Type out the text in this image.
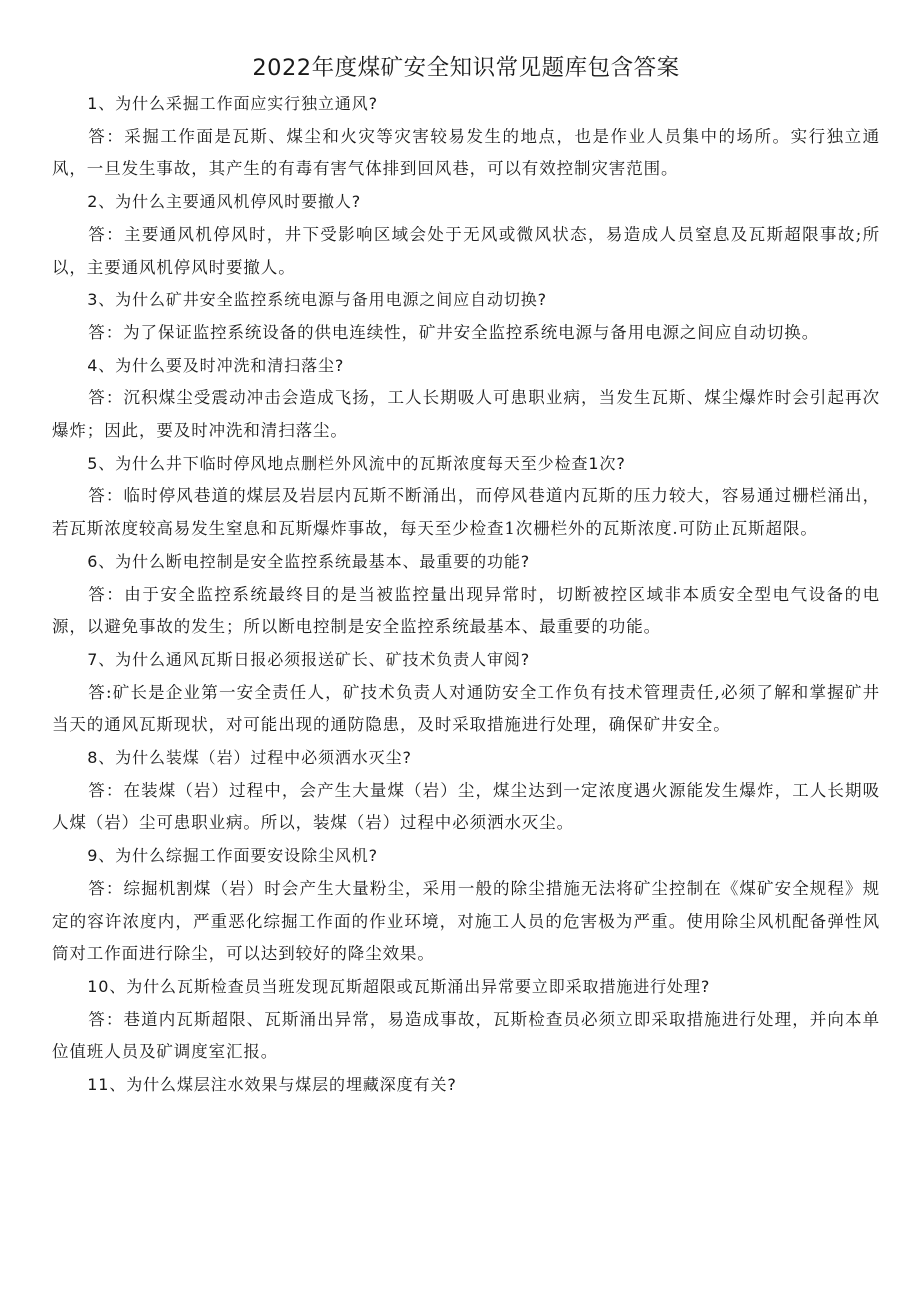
2022年度煤矿安全知识常见题库包含答案

1、为什么采掘工作面应实行独立通风?

答：采掘工作面是瓦斯、煤尘和火灾等灾害较易发生的地点，也是作业人员集中的场所。实行独立通风，一旦发生事故，其产生的有毒有害气体排到回风巷，可以有效控制灾害范围。

2、为什么主要通风机停风时要撤人?

答：主要通风机停风时，井下受影响区域会处于无风或微风状态，易造成人员窒息及瓦斯超限事故;所以，主要通风机停风时要撤人。

3、为什么矿井安全监控系统电源与备用电源之间应自动切换?

答：为了保证监控系统设备的供电连续性，矿井安全监控系统电源与备用电源之间应自动切换。

4、为什么要及时冲洗和清扫落尘?

答：沉积煤尘受震动冲击会造成飞扬，工人长期吸人可患职业病，当发生瓦斯、煤尘爆炸时会引起再次爆炸；因此，要及时冲洗和清扫落尘。

5、为什么井下临时停风地点删栏外风流中的瓦斯浓度每天至少检查1次?

答：临时停风巷道的煤层及岩层内瓦斯不断涌出，而停风巷道内瓦斯的压力较大，容易通过栅栏涌出，若瓦斯浓度较高易发生窒息和瓦斯爆炸事故，每天至少检查1次栅栏外的瓦斯浓度.可防止瓦斯超限。

6、为什么断电控制是安全监控系统最基本、最重要的功能?

答：由于安全监控系统最终目的是当被监控量出现异常时，切断被控区域非本质安全型电气设备的电源，以避免事故的发生；所以断电控制是安全监控系统最基本、最重要的功能。

7、为什么通风瓦斯日报必须报送矿长、矿技术负责人审阅?

答:矿长是企业第一安全责任人，矿技术负责人对通防安全工作负有技术管理责任,必须了解和掌握矿井当天的通风瓦斯现状，对可能出现的通防隐患，及时采取措施进行处理，确保矿井安全。

8、为什么装煤（岩）过程中必须洒水灭尘?

答：在装煤（岩）过程中，会产生大量煤（岩）尘，煤尘达到一定浓度遇火源能发生爆炸，工人长期吸人煤（岩）尘可患职业病。所以，装煤（岩）过程中必须洒水灭尘。

9、为什么综掘工作面要安设除尘风机?

答：综掘机割煤（岩）时会产生大量粉尘，采用一般的除尘措施无法将矿尘控制在《煤矿安全规程》规定的容许浓度内，严重恶化综掘工作面的作业环境，对施工人员的危害极为严重。使用除尘风机配备弹性风筒对工作面进行除尘，可以达到较好的降尘效果。

10、为什么瓦斯检查员当班发现瓦斯超限或瓦斯涌出异常要立即采取措施进行处理?

答：巷道内瓦斯超限、瓦斯涌出异常，易造成事故，瓦斯检查员必须立即采取措施进行处理，并向本单位值班人员及矿调度室汇报。

11、为什么煤层注水效果与煤层的埋藏深度有关?
